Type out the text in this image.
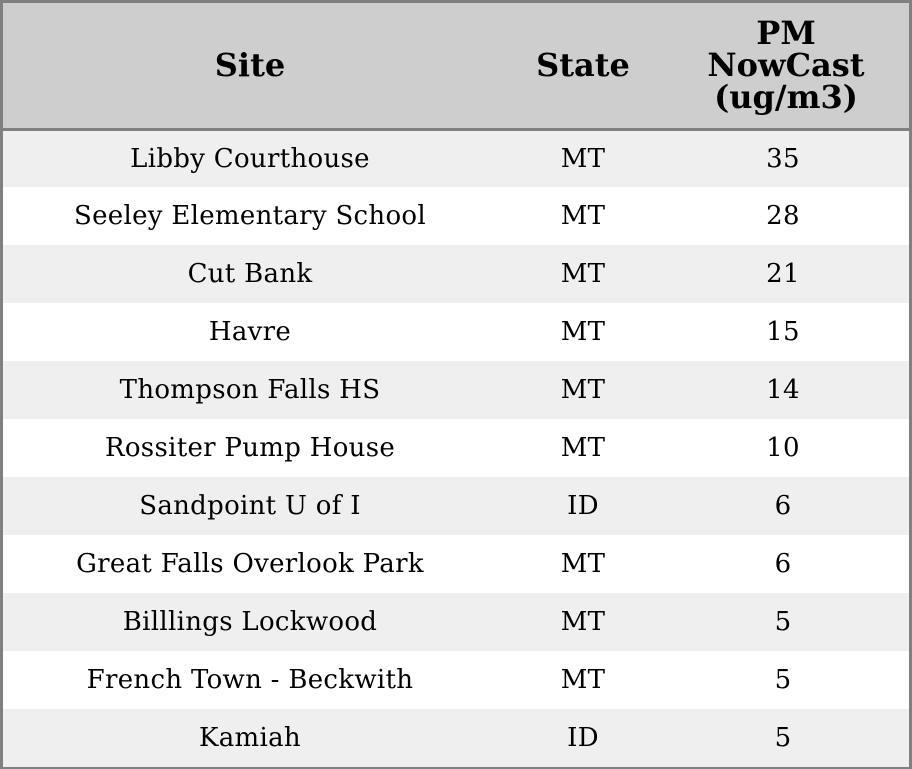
Site	State	PM
NowCast
(ug/m3)

Libby Courthouse	MT	35
Seeley Elementary School	MT	28
Cut Bank	MT	21
Havre	MT	15
Thompson Falls HS	MT	14
Rossiter Pump House	MT	10
Sandpoint U of I	ID	6
Great Falls Overlook Park	MT	6
Billlings Lockwood	MT	5
French Town - Beckwith	MT	5
Kamiah	ID	5
